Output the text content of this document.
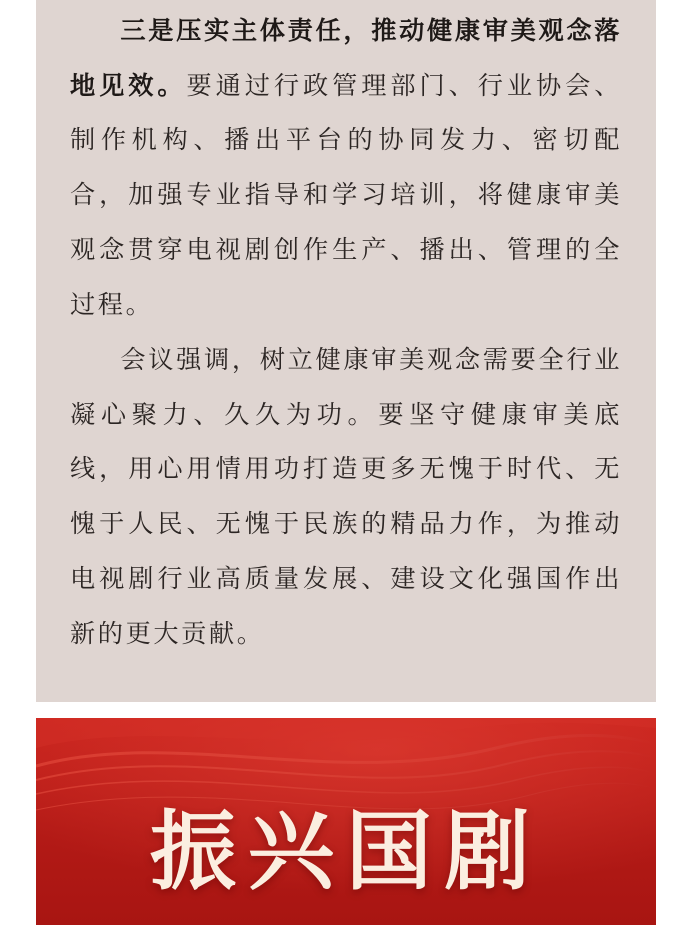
三是压实主体责任，推动健康审美观念落地见效。要通过行政管理部门、行业协会、制作机构、播出平台的协同发力、密切配合，加强专业指导和学习培训，将健康审美观念贯穿电视剧创作生产、播出、管理的全过程。

会议强调，树立健康审美观念需要全行业凝心聚力、久久为功。要坚守健康审美底线，用心用情用功打造更多无愧于时代、无愧于人民、无愧于民族的精品力作，为推动电视剧行业高质量发展、建设文化强国作出新的更大贡献。

振兴国剧
